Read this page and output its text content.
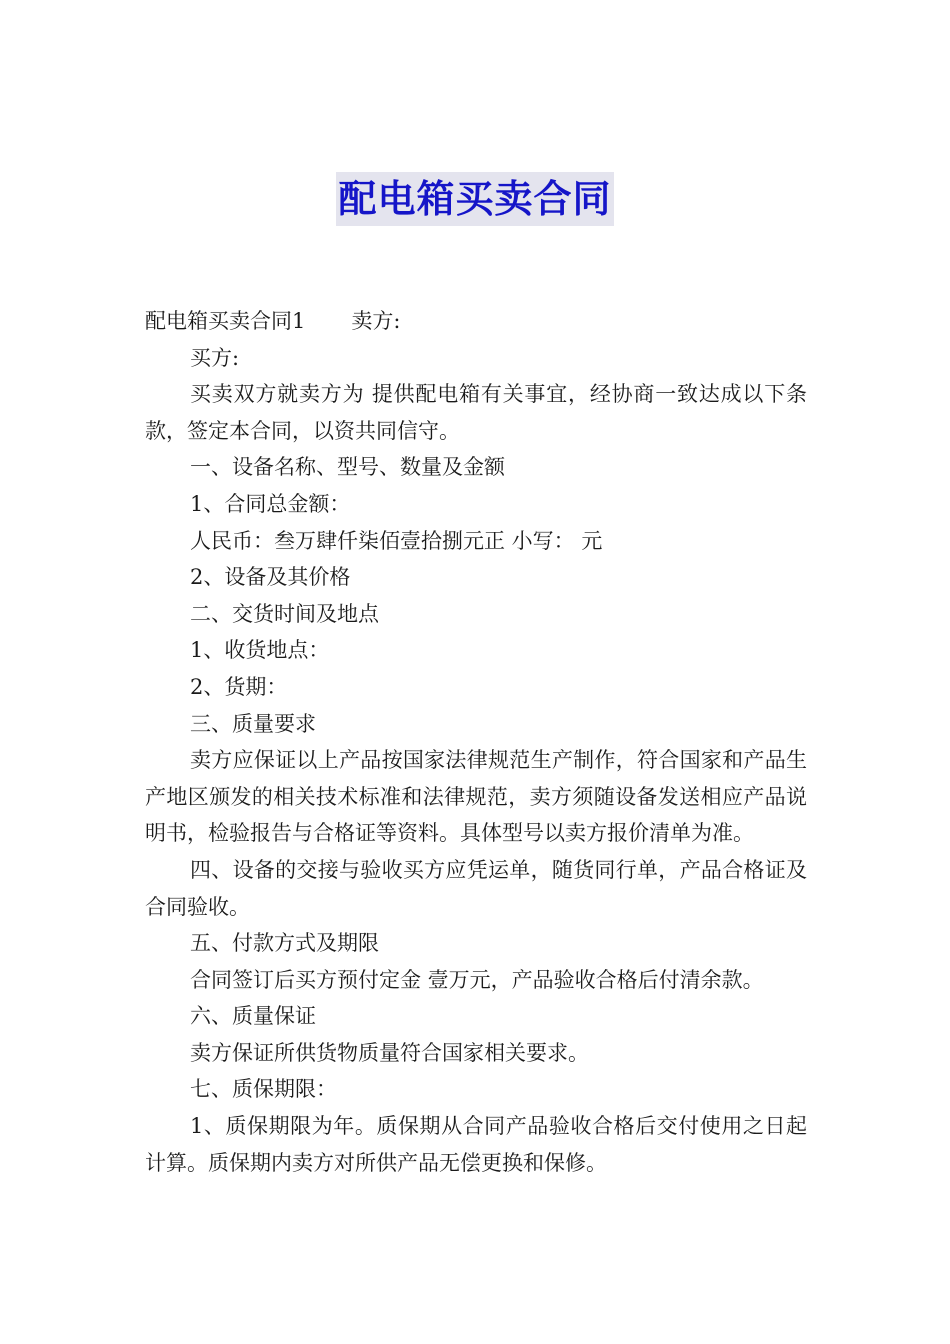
配电箱买卖合同

配电箱买卖合同1 卖方:

买方:

买卖双方就卖方为 提供配电箱有关事宜，经协商一致达成以下条款，签定本合同，以资共同信守。

一、设备名称、型号、数量及金额

1、合同总金额：

人民币：叁万肆仟柒佰壹拾捌元正 小写： 元

2、设备及其价格

二、交货时间及地点

1、收货地点：

2、货期：

三、质量要求

卖方应保证以上产品按国家法律规范生产制作，符合国家和产品生产地区颁发的相关技术标准和法律规范，卖方须随设备发送相应产品说明书，检验报告与合格证等资料。具体型号以卖方报价清单为准。

四、设备的交接与验收买方应凭运单，随货同行单，产品合格证及合同验收。

五、付款方式及期限

合同签订后买方预付定金 壹万元，产品验收合格后付清余款。

六、质量保证

卖方保证所供货物质量符合国家相关要求。

七、质保期限：

1、质保期限为年。质保期从合同产品验收合格后交付使用之日起计算。质保期内卖方对所供产品无偿更换和保修。
